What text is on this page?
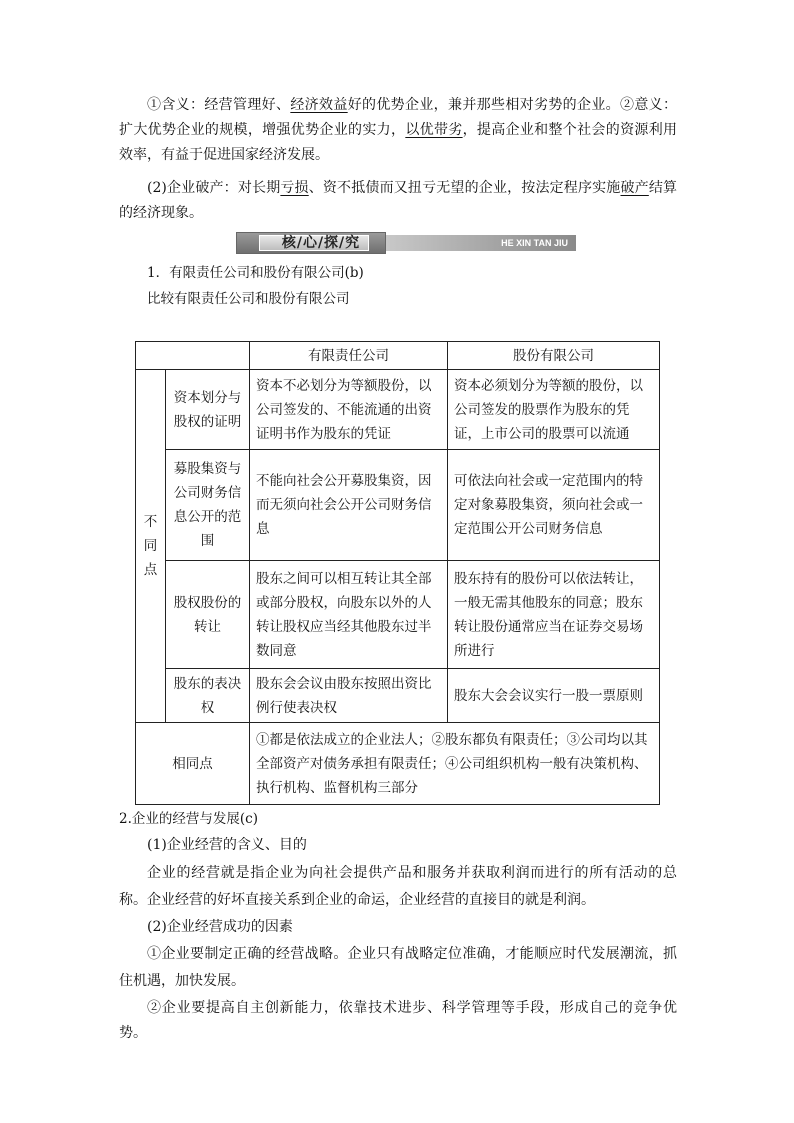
①含义：经营管理好、经济效益好的优势企业，兼并那些相对劣势的企业。②意义：扩大优势企业的规模，增强优势企业的实力，以优带劣，提高企业和整个社会的资源利用效率，有益于促进国家经济发展。
(2)企业破产：对长期亏损、资不抵债而又扭亏无望的企业，按法定程序实施破产结算的经济现象。
HE XIN TAN JIU
核/心/探/究
1．有限责任公司和股份有限公司(b)
比较有限责任公司和股份有限公司
		有限责任公司	股份有限公司

不同点	资本划分与股权的证明	资本不必划分为等额股份，以公司签发的、不能流通的出资证明书作为股东的凭证	资本必须划分为等额的股份，以公司签发的股票作为股东的凭证，上市公司的股票可以流通
	募股集资与公司财务信息公开的范围	不能向社会公开募股集资，因而无须向社会公开公司财务信息	可依法向社会或一定范围内的特定对象募股集资，须向社会或一定范围公开公司财务信息
	股权股份的转让	股东之间可以相互转让其全部或部分股权，向股东以外的人转让股权应当经其他股东过半数同意	股东持有的股份可以依法转让，一般无需其他股东的同意；股东转让股份通常应当在证券交易场所进行
	股东的表决权	股东会会议由股东按照出资比例行使表决权	股东大会会议实行一股一票原则
相同点		①都是依法成立的企业法人；②股东都负有限责任；③公司均以其全部资产对债务承担有限责任；④公司组织机构一般有决策机构、执行机构、监督机构三部分	
2.企业的经营与发展(c)
(1)企业经营的含义、目的
企业的经营就是指企业为向社会提供产品和服务并获取利润而进行的所有活动的总称。企业经营的好坏直接关系到企业的命运，企业经营的直接目的就是利润。
(2)企业经营成功的因素
①企业要制定正确的经营战略。企业只有战略定位准确，才能顺应时代发展潮流，抓住机遇，加快发展。
②企业要提高自主创新能力，依靠技术进步、科学管理等手段，形成自己的竞争优势。
